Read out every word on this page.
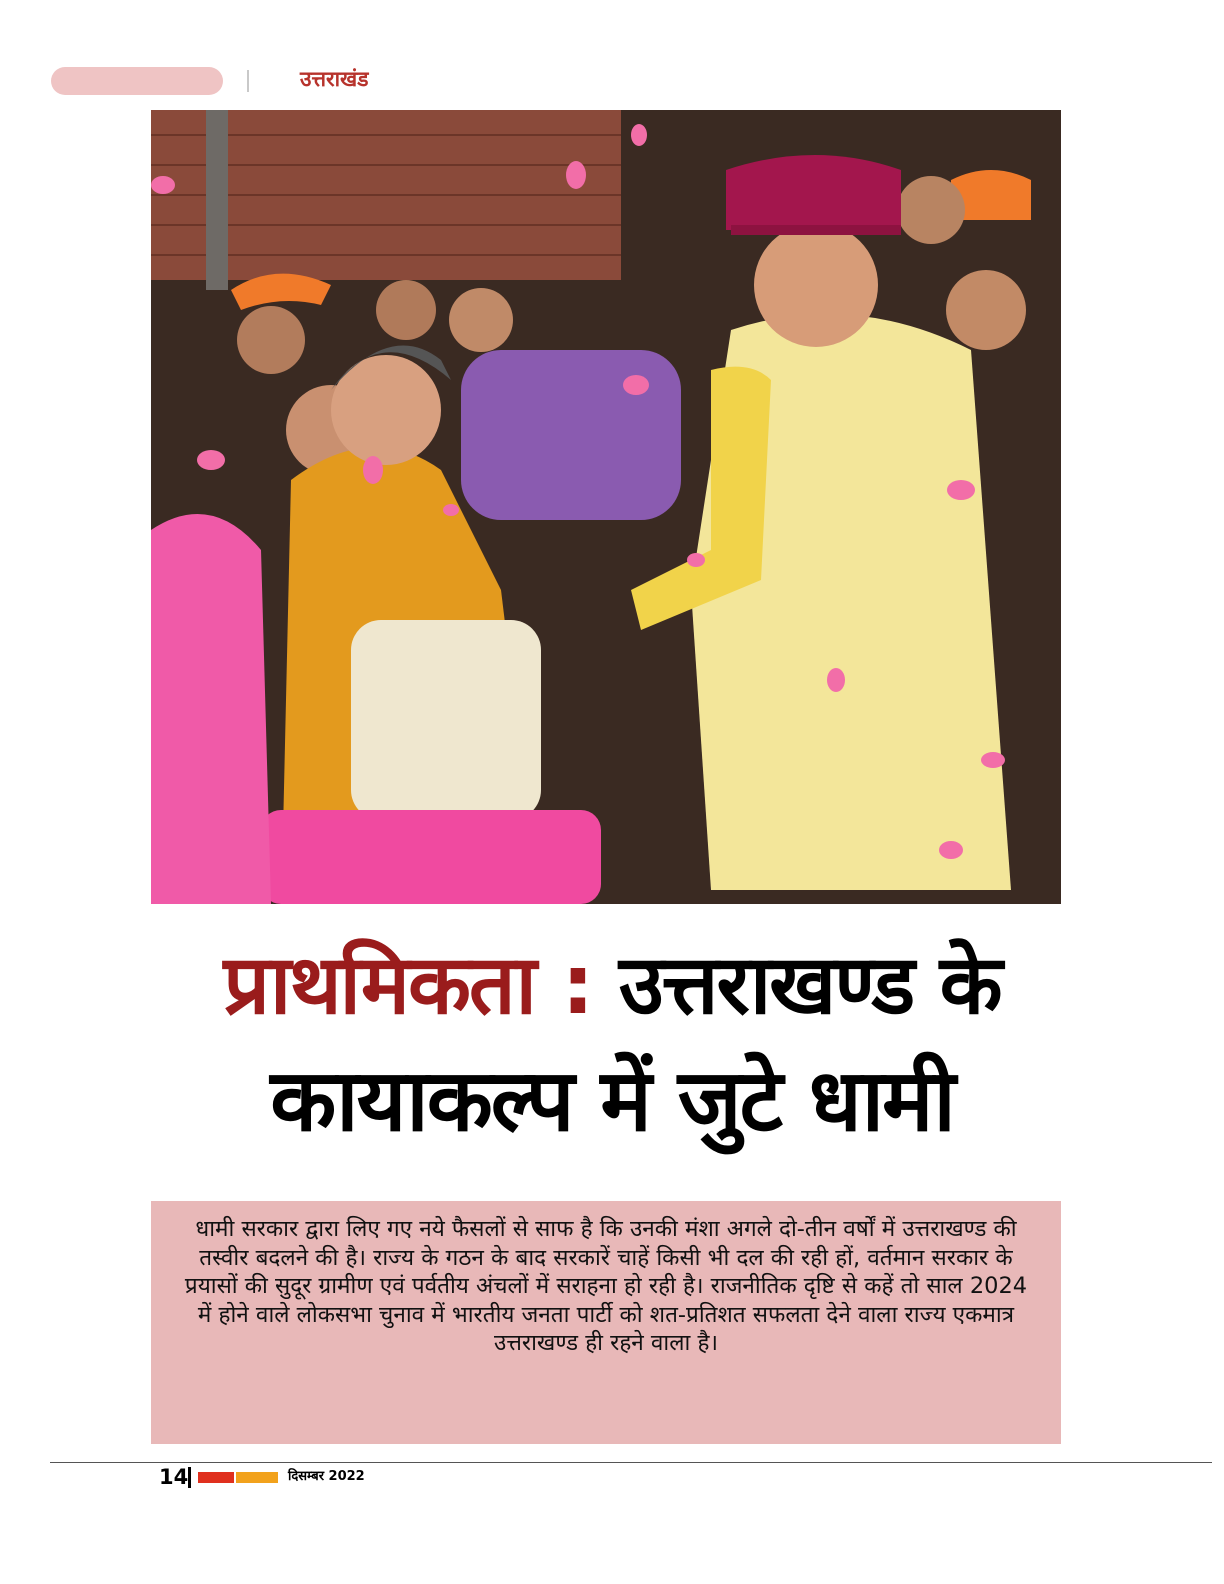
उत्तराखंड
प्राथमिकता : उत्तराखण्ड के
कायाकल्प में जुटे धामी

धामी सरकार द्वारा लिए गए नये फैसलों से साफ है कि उनकी मंशा अगले दो-तीन वर्षों में उत्तराखण्ड की तस्वीर बदलने की है। राज्य के गठन के बाद सरकारें चाहें किसी भी दल की रही हों, वर्तमान सरकार के प्रयासों की सुदूर ग्रामीण एवं पर्वतीय अंचलों में सराहना हो रही है। राजनीतिक दृष्टि से कहें तो साल 2024 में होने वाले लोकसभा चुनाव में भारतीय जनता पार्टी को शत-प्रतिशत सफलता देने वाला राज्य एकमात्र उत्तराखण्ड ही रहने वाला है।

14	दिसम्बर 2022
